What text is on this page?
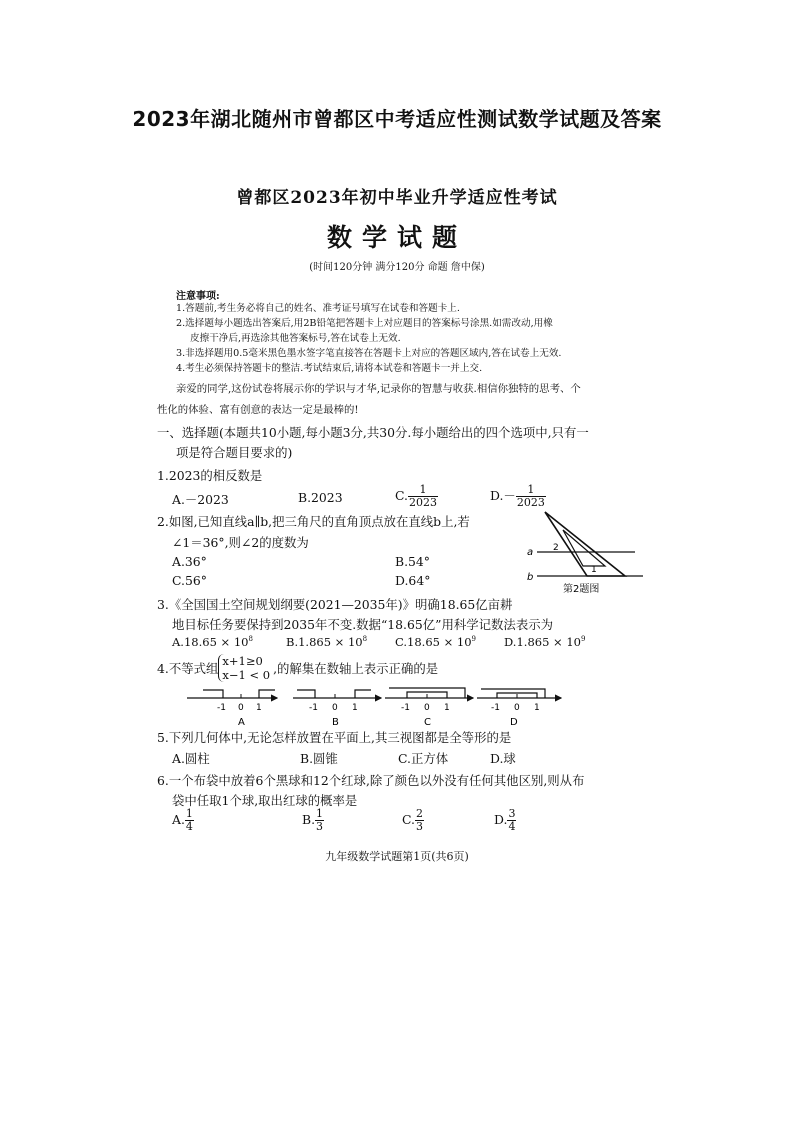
2023年湖北随州市曾都区中考适应性测试数学试题及答案
曾都区2023年初中毕业升学适应性考试
数学试题
(时间120分钟 满分120分 命题 詹中保)
注意事项:
1.答题前,考生务必将自己的姓名、准考证号填写在试卷和答题卡上.
2.选择题每小题选出答案后,用2B铅笔把答题卡上对应题目的答案标号涂黑.如需改动,用橡
皮擦干净后,再选涂其他答案标号,答在试卷上无效.
3.非选择题用0.5毫米黑色墨水签字笔直接答在答题卡上对应的答题区域内,答在试卷上无效.
4.考生必须保持答题卡的整洁.考试结束后,请将本试卷和答题卡一并上交.
亲爱的同学,这份试卷将展示你的学识与才华,记录你的智慧与收获.相信你独特的思考、个
性化的体验、富有创意的表达一定是最棒的!
一、选择题(本题共10小题,每小题3分,共30分.每小题给出的四个选项中,只有一
项是符合题目要求的)
1.2023的相反数是
A.－2023	B.2023	C. $\frac{1}{2023}$	$D.- \frac{1}{2023}$
2.如图,已知直线a∥b,把三角尺的直角顶点放在直线b上,若
∠1＝36°,则∠2的度数为
A.36°	B.54°
C.56°	D.64°
a
b
1
2
第2题图
3.《全国国土空间规划纲要(2021—2035年)》明确18.65亿亩耕
地目标任务要保持到2035年不变.数据“18.65亿”用科学记数法表示为
$A.18.65 \times 10^8$	$B.1.865 \times 10^8$ $C.18.65 \times 10^9$ $D.1.865 \times 10^9$
4.不等式组 x+1≥0
x−1 < 0 ,的解集在数轴上表示正确的是
-1 0 1
A
-1 0 1
B
-1 0 1
C
-1 0 1
D
5.下列几何体中,无论怎样放置在平面上,其三视图都是全等形的是
A.圆柱	B.圆锥	C.正方体	D.球
6.一个布袋中放着6个黑球和12个红球,除了颜色以外没有任何其他区别,则从布
袋中任取1个球,取出红球的概率是
A. $\frac{1}{4}$	B. $\frac{1}{3}$	C. $\frac{2}{3}$	D. $\frac{3}{4}$
九年级数学试题第1页(共6页)
